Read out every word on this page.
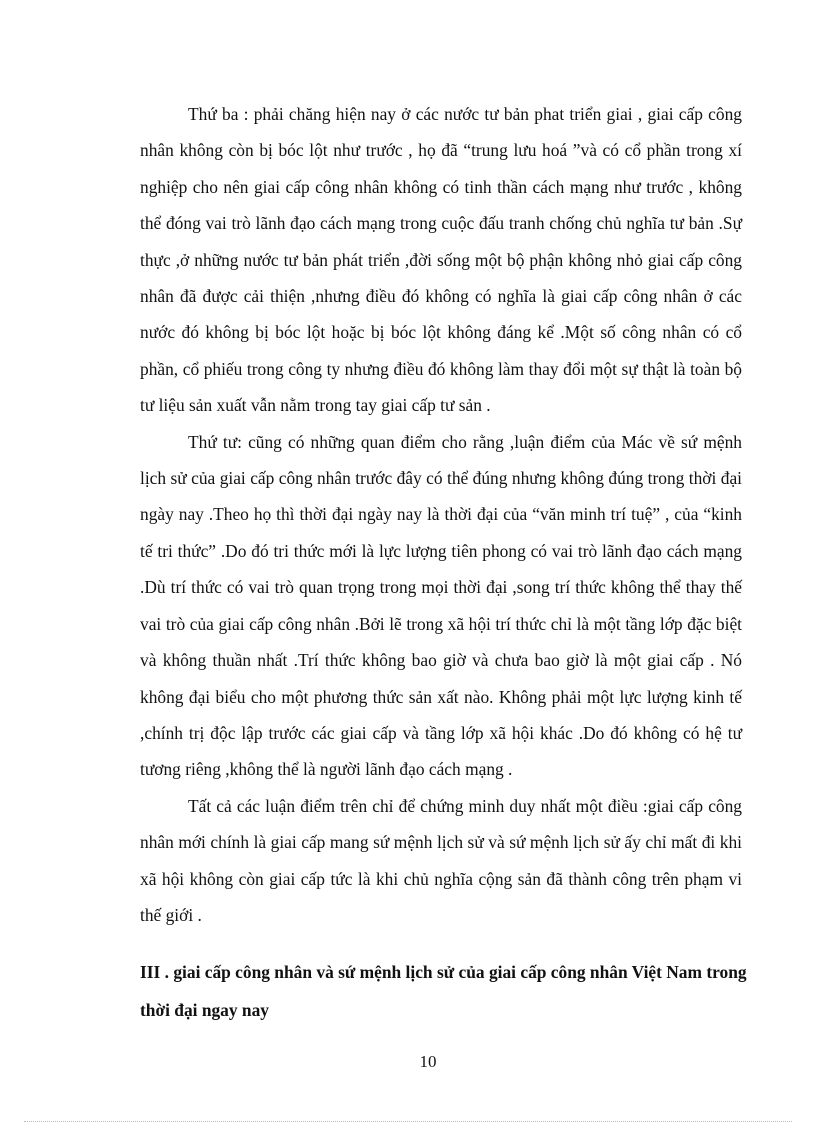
Thứ ba : phải chăng hiện nay ở các nước tư bản phat triển giai , giai cấp công nhân không còn bị bóc lột như trước , họ đã “trung lưu hoá ”và có cổ phần trong xí nghiệp cho nên giai cấp công nhân không có tinh thần cách mạng như trước , không thể đóng vai trò lãnh đạo cách mạng trong cuộc đấu tranh chống chủ nghĩa tư bản .Sự thực ,ở những nước tư bản phát triển ,đời sống một bộ phận không nhỏ giai cấp công nhân đã được cải thiện ,nhưng điều đó không có nghĩa là giai cấp công nhân ở các nước đó không bị bóc lột hoặc bị bóc lột không đáng kể .Một số công nhân có cổ phần, cổ phiếu trong công ty nhưng điều đó không làm thay đổi một sự thật là toàn bộ tư liệu sản xuất vẫn nằm trong tay giai cấp tư sản .

Thứ tư: cũng có những quan điểm cho rằng ,luận điểm của Mác về sứ mệnh lịch sử của giai cấp công nhân trước đây có thể đúng nhưng không đúng trong thời đại ngày nay .Theo họ thì thời đại ngày nay là thời đại của “văn minh trí tuệ” , của “kinh tế tri thức” .Do đó tri thức mới là lực lượng tiên phong có vai trò lãnh đạo cách mạng .Dù trí thức có vai trò quan trọng trong mọi thời đại ,song trí thức không thể thay thế vai trò của giai cấp công nhân .Bởi lẽ trong xã hội trí thức chỉ là một tầng lớp đặc biệt và không thuần nhất .Trí thức không bao giờ và chưa bao giờ là một giai cấp . Nó không đại biểu cho một phương thức sản xất nào. Không phải một lực lượng kinh tế ,chính trị độc lập trước các giai cấp và tầng lớp xã hội khác .Do đó không có hệ tư tương riêng ,không thể là người lãnh đạo cách mạng .

Tất cả các luận điểm trên chỉ để chứng minh duy nhất một điều :giai cấp công nhân mới chính là giai cấp mang sứ mệnh lịch sử và sứ mệnh lịch sử ấy chỉ mất đi khi xã hội không còn giai cấp tức là khi chủ nghĩa cộng sản đã thành công trên phạm vi thế giới .

III . giai cấp công nhân và sứ mệnh lịch sử của giai cấp công nhân Việt Nam trong thời đại ngay nay
10
